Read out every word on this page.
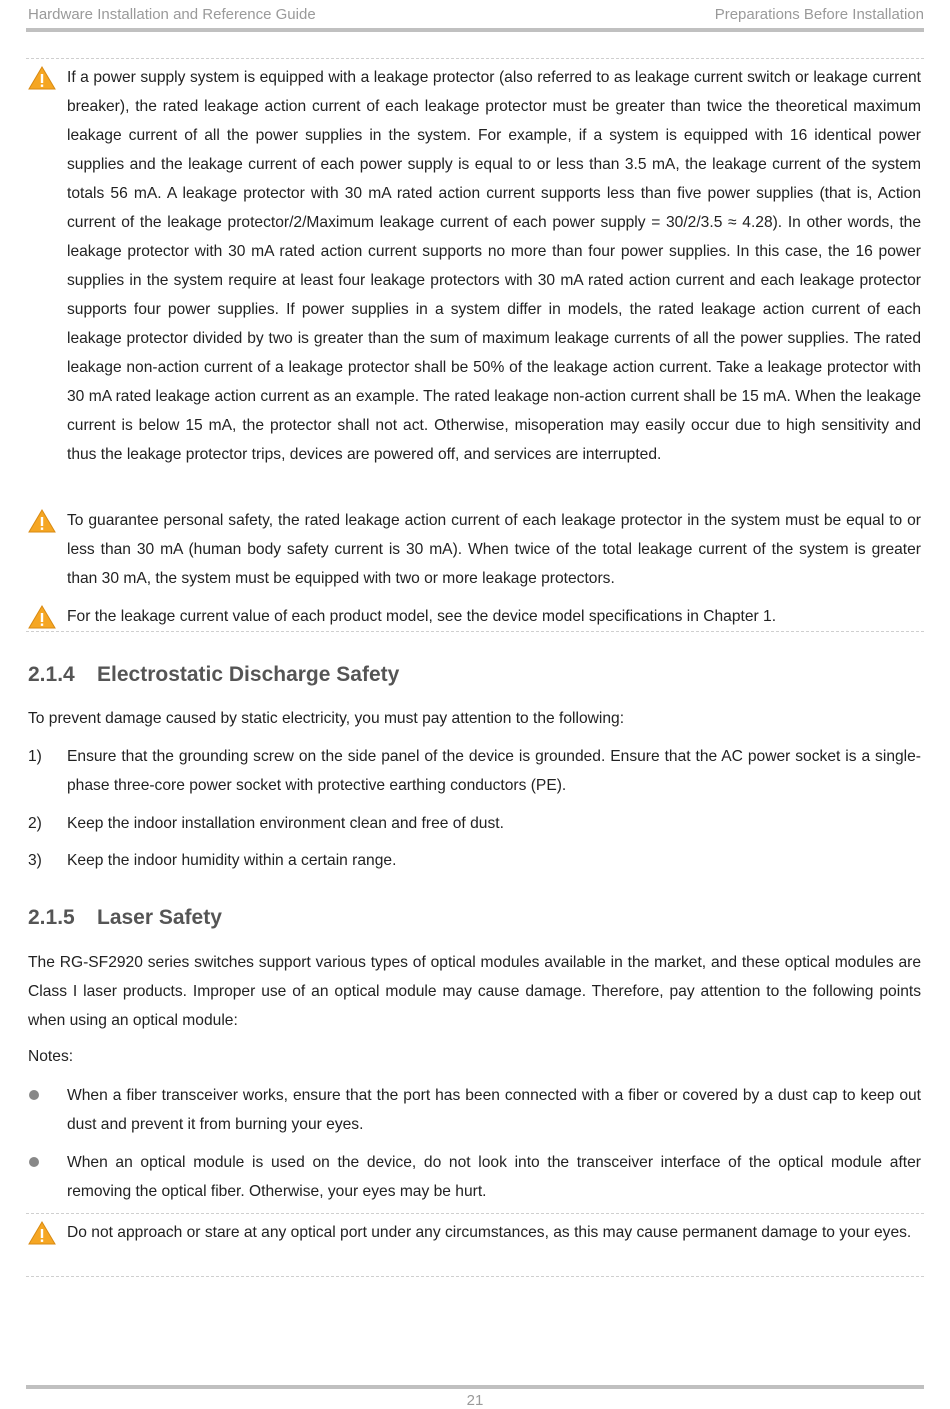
Hardware Installation and Reference Guide	Preparations Before Installation

If a power supply system is equipped with a leakage protector (also referred to as leakage current switch or leakage current breaker), the rated leakage action current of each leakage protector must be greater than twice the theoretical maximum leakage current of all the power supplies in the system. For example, if a system is equipped with 16 identical power supplies and the leakage current of each power supply is equal to or less than 3.5 mA, the leakage current of the system totals 56 mA. A leakage protector with 30 mA rated action current supports less than five power supplies (that is, Action current of the leakage protector/2/Maximum leakage current of each power supply = 30/2/3.5 ≈ 4.28). In other words, the leakage protector with 30 mA rated action current supports no more than four power supplies. In this case, the 16 power supplies in the system require at least four leakage protectors with 30 mA rated action current and each leakage protector supports four power supplies. If power supplies in a system differ in models, the rated leakage action current of each leakage protector divided by two is greater than the sum of maximum leakage currents of all the power supplies. The rated leakage non-action current of a leakage protector shall be 50% of the leakage action current. Take a leakage protector with 30 mA rated leakage action current as an example. The rated leakage non-action current shall be 15 mA. When the leakage current is below 15 mA, the protector shall not act. Otherwise, misoperation may easily occur due to high sensitivity and thus the leakage protector trips, devices are powered off, and services are interrupted.

To guarantee personal safety, the rated leakage action current of each leakage protector in the system must be equal to or less than 30 mA (human body safety current is 30 mA). When twice of the total leakage current of the system is greater than 30 mA, the system must be equipped with two or more leakage protectors.

For the leakage current value of each product model, see the device model specifications in Chapter 1.

2.1.4 Electrostatic Discharge Safety

To prevent damage caused by static electricity, you must pay attention to the following:

1) Ensure that the grounding screw on the side panel of the device is grounded. Ensure that the AC power socket is a single-phase three-core power socket with protective earthing conductors (PE).

2) Keep the indoor installation environment clean and free of dust.

3) Keep the indoor humidity within a certain range.

2.1.5 Laser Safety

The RG-SF2920 series switches support various types of optical modules available in the market, and these optical modules are Class I laser products. Improper use of an optical module may cause damage. Therefore, pay attention to the following points when using an optical module:

Notes:

When a fiber transceiver works, ensure that the port has been connected with a fiber or covered by a dust cap to keep out dust and prevent it from burning your eyes.

When an optical module is used on the device, do not look into the transceiver interface of the optical module after removing the optical fiber. Otherwise, your eyes may be hurt.

Do not approach or stare at any optical port under any circumstances, as this may cause permanent damage to your eyes.

21
